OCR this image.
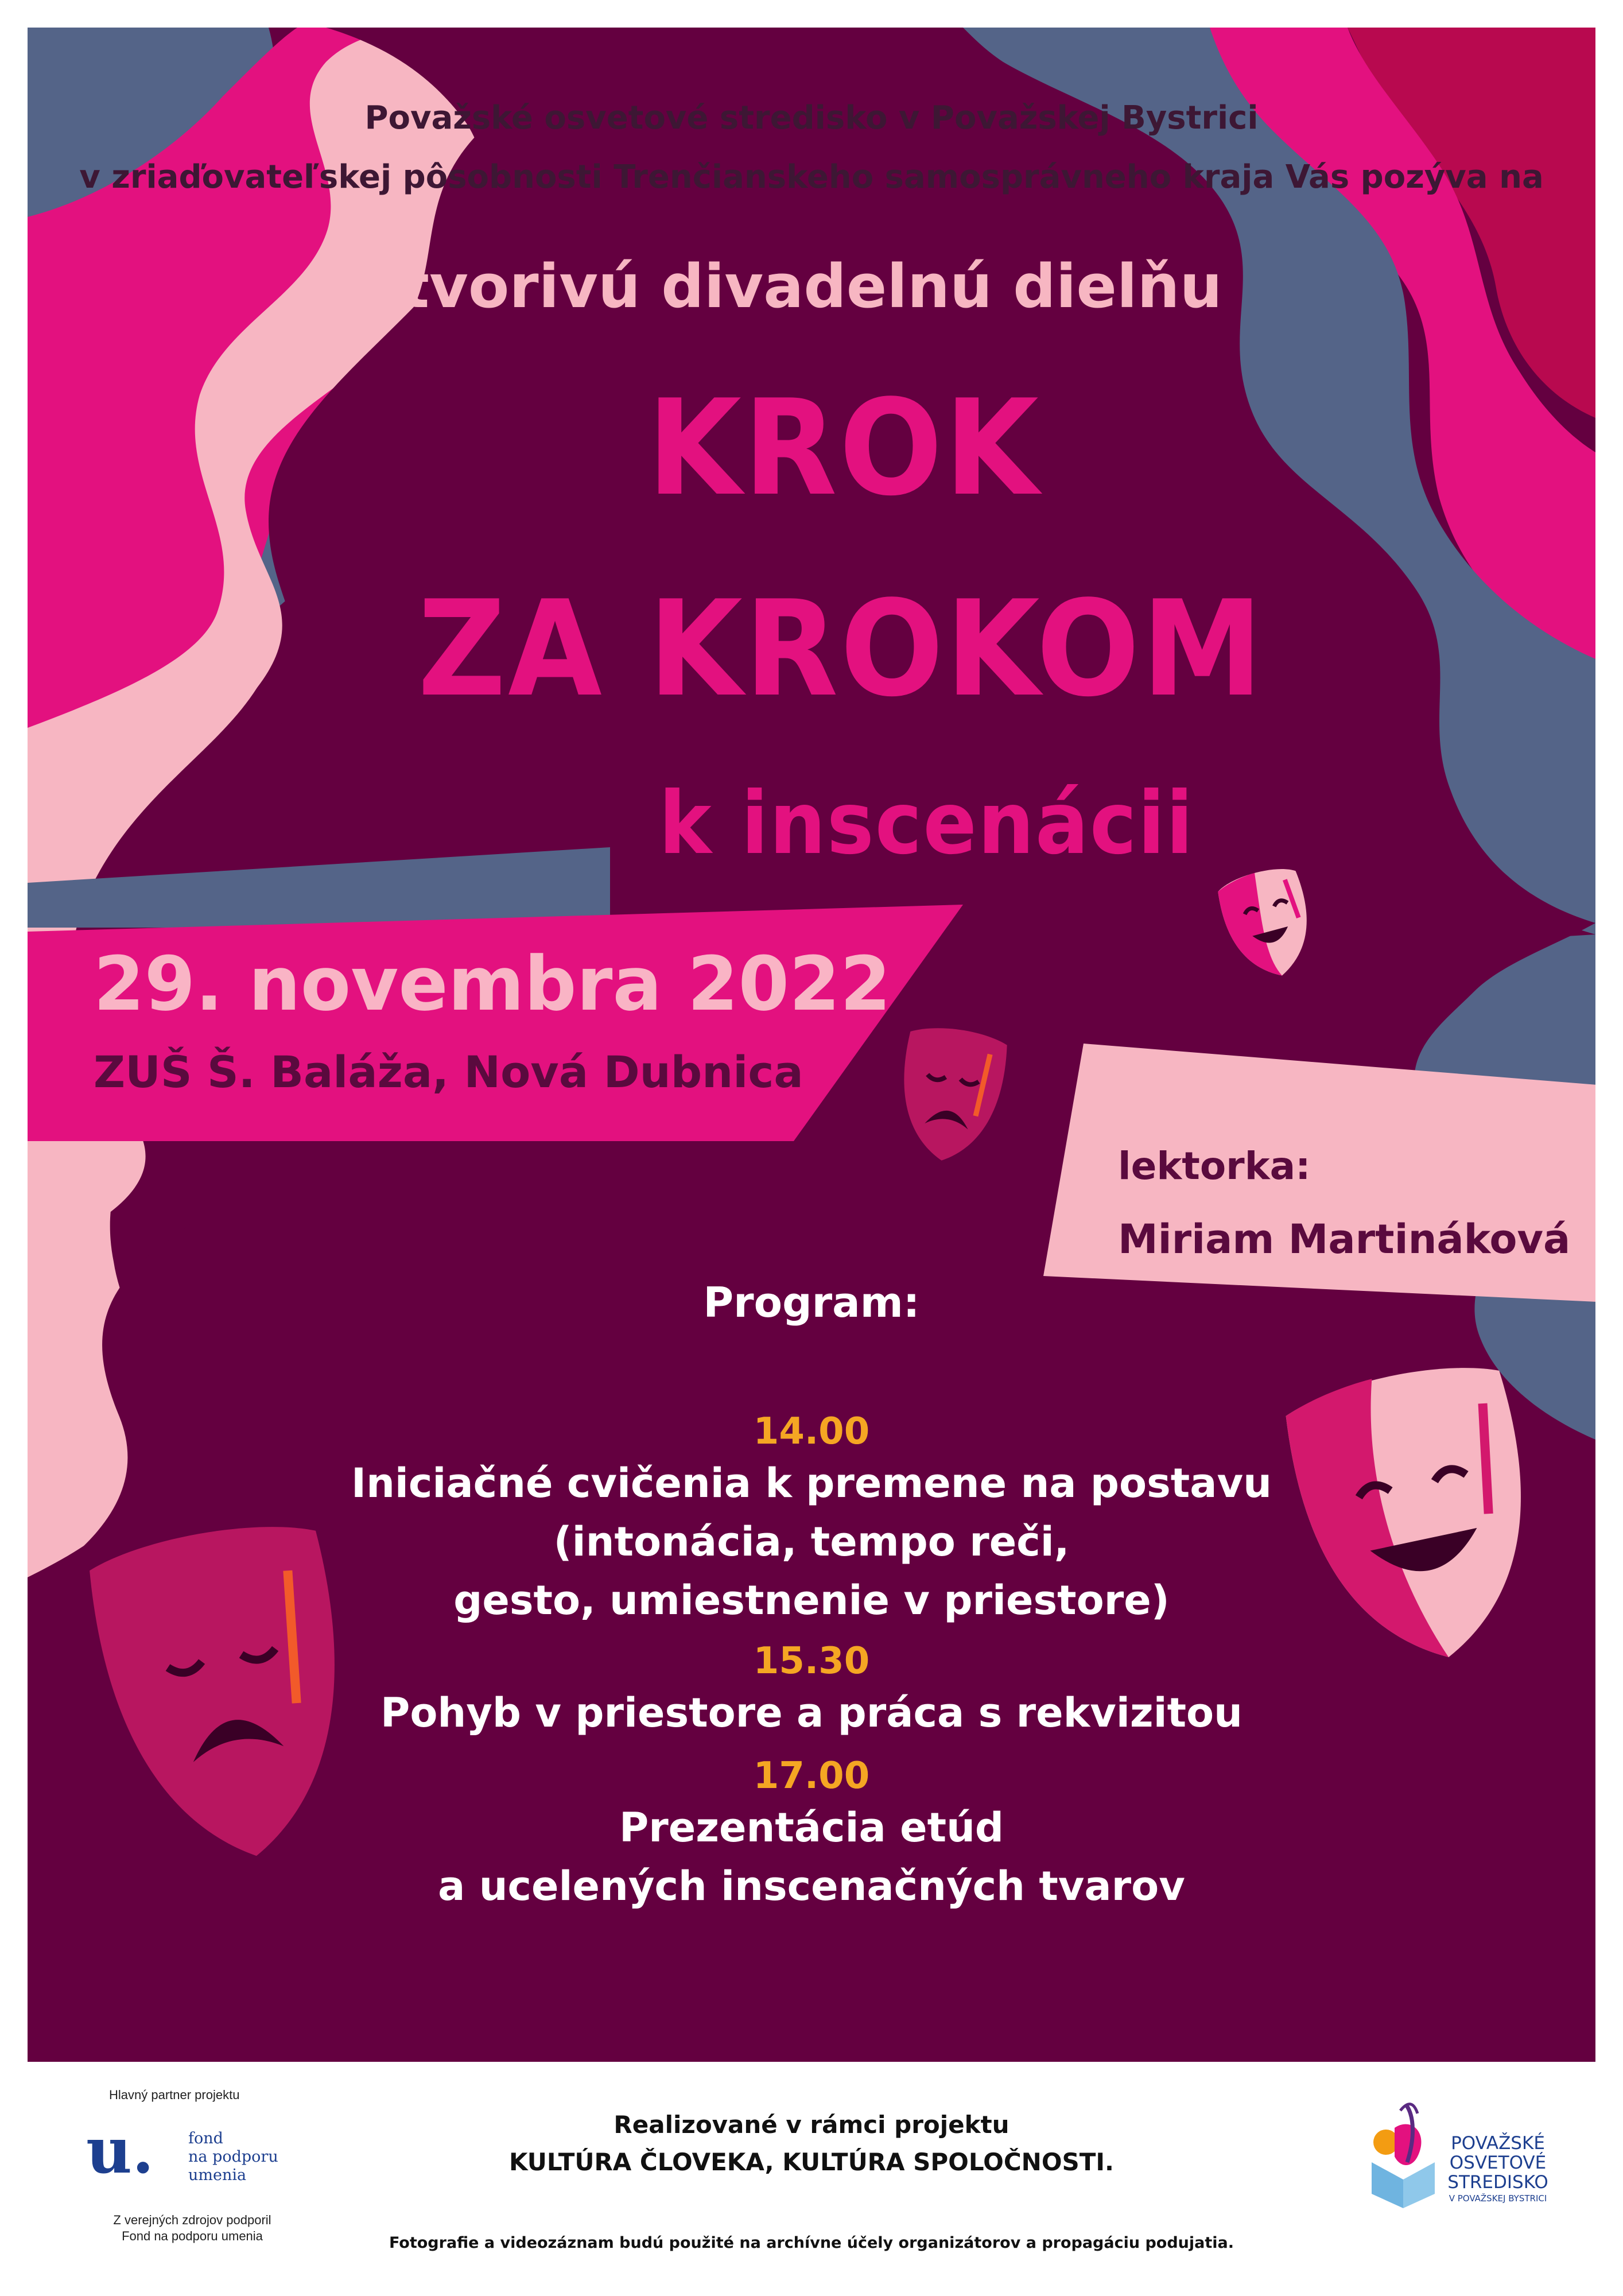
Považské osvetové stredisko v Považskej Bystrici
v zriaďovateľskej pôsobnosti Trenčianskeho samosprávneho kraja Vás pozýva na
tvorivú divadelnú dielňu
KROK
ZA KROKOM
k inscenácii
29. novembra 2022
ZUŠ Š. Baláža, Nová Dubnica
lektorka:
Miriam Martináková
Program:
14.00
Iniciačné cvičenia k premene na postavu
(intonácia, tempo reči,
gesto, umiestnenie v priestore)
15.30
Pohyb v priestore a práca s rekvizitou
17.00
Prezentácia etúd
a ucelených inscenačných tvarov
Hlavný partner projektu
u. fond
na podporu
umenia
Z verejných zdrojov podporil
Fond na podporu umenia
Realizované v rámci projektu
KULTÚRA ČLOVEKA, KULTÚRA SPOLOČNOSTI.
POVAŽSKÉ
OSVETOVÉ
STREDISKO
V POVAŽSKEJ BYSTRICI
Fotografie a videozáznam budú použité na archívne účely organizátorov a propagáciu podujatia.
